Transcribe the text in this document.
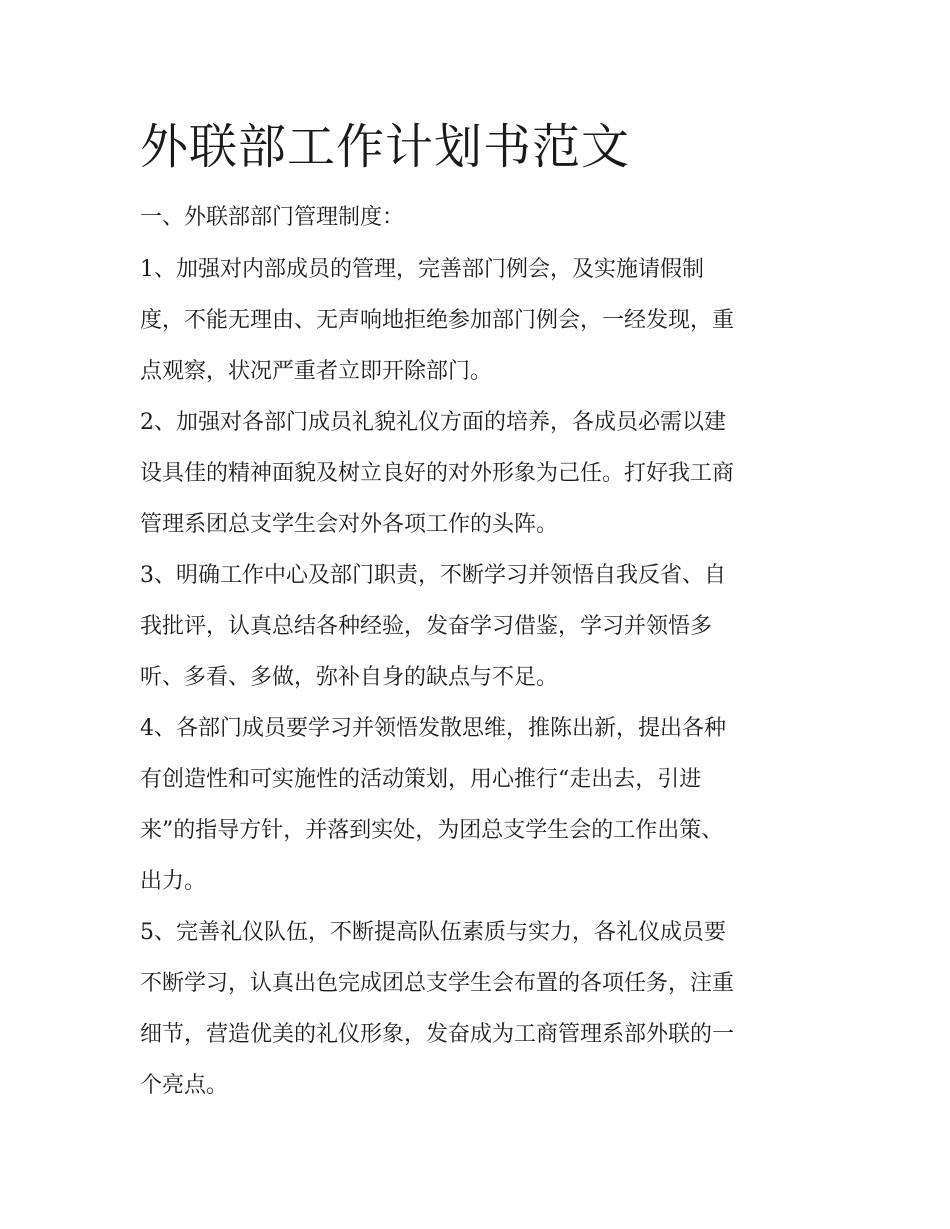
外联部工作计划书范文

一、外联部部门管理制度：

1、加强对内部成员的管理，完善部门例会，及实施请假制
度，不能无理由、无声响地拒绝参加部门例会，一经发现，重
点观察，状况严重者立即开除部门。
2、加强对各部门成员礼貌礼仪方面的培养，各成员必需以建
设具佳的精神面貌及树立良好的对外形象为己任。打好我工商
管理系团总支学生会对外各项工作的头阵。
3、明确工作中心及部门职责，不断学习并领悟自我反省、自
我批评，认真总结各种经验，发奋学习借鉴，学习并领悟多
听、多看、多做，弥补自身的缺点与不足。
4、各部门成员要学习并领悟发散思维，推陈出新，提出各种
有创造性和可实施性的活动策划，用心推行“走出去，引进
来”的指导方针，并落到实处，为团总支学生会的工作出策、
出力。
5、完善礼仪队伍，不断提高队伍素质与实力，各礼仪成员要
不断学习，认真出色完成团总支学生会布置的各项任务，注重
细节，营造优美的礼仪形象，发奋成为工商管理系部外联的一
个亮点。
